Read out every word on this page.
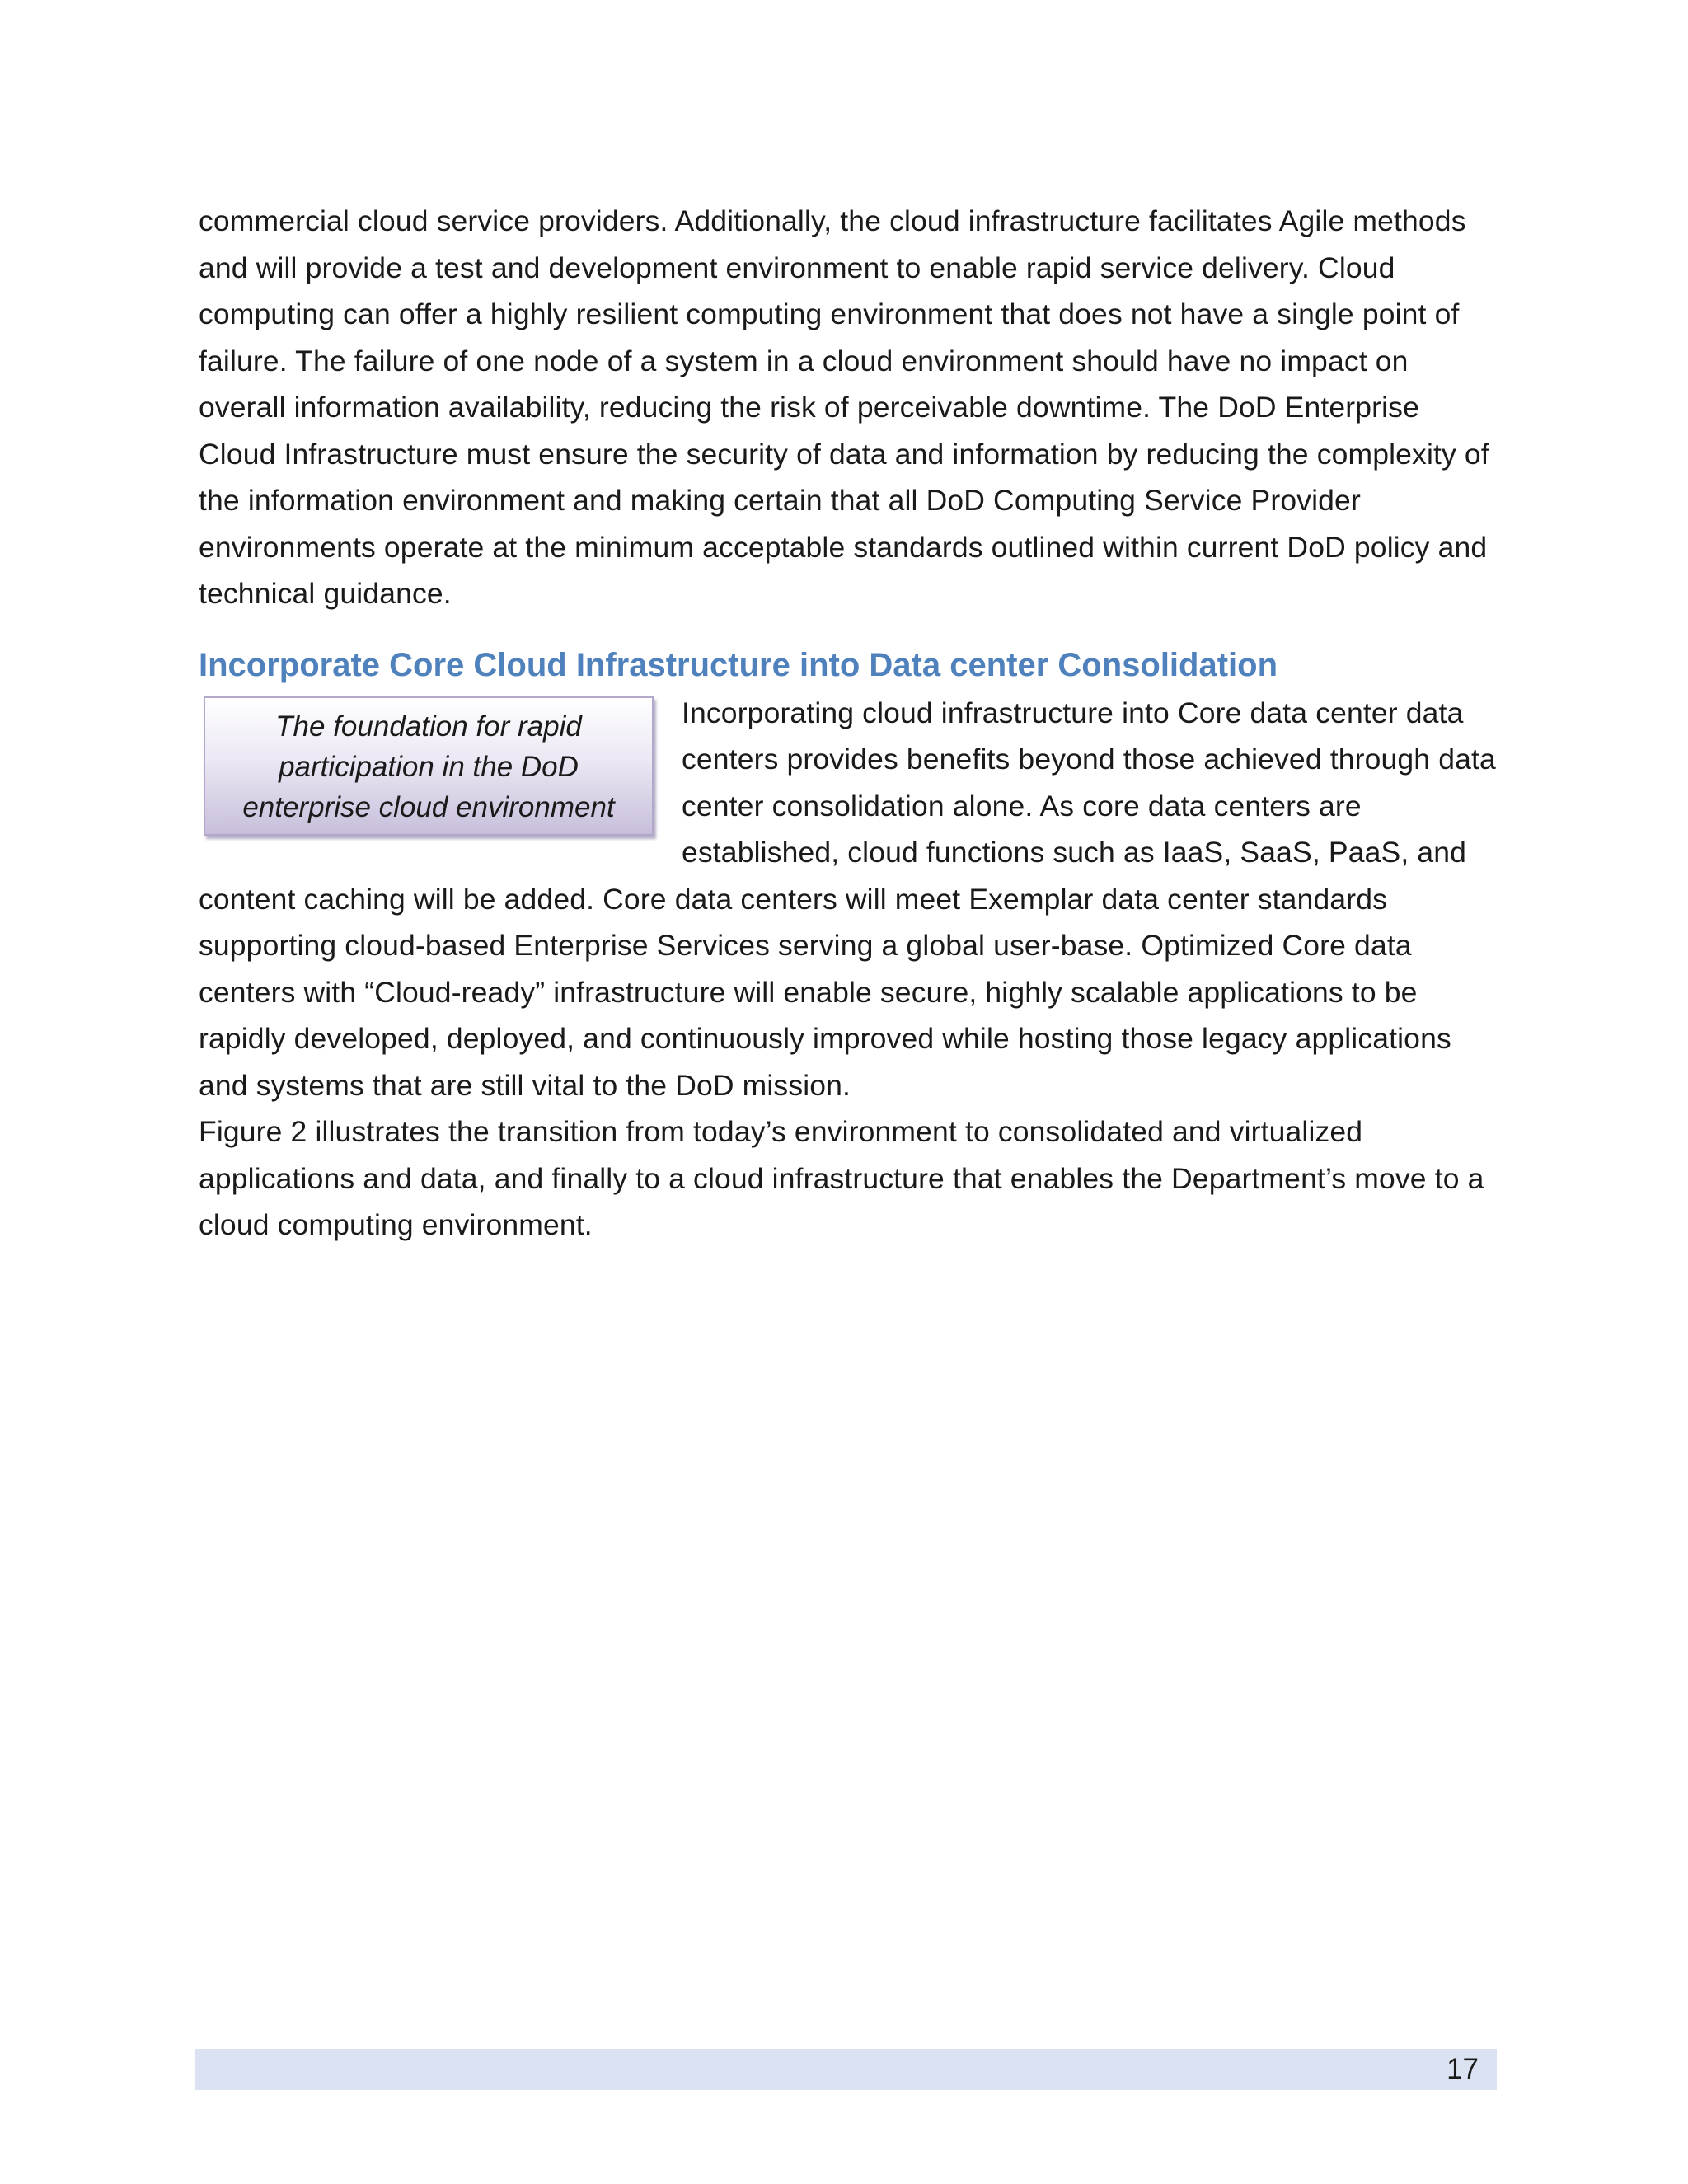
commercial cloud service providers. Additionally, the cloud infrastructure facilitates Agile methods and will provide a test and development environment to enable rapid service delivery. Cloud computing can offer a highly resilient computing environment that does not have a single point of failure. The failure of one node of a system in a cloud environment should have no impact on overall information availability, reducing the risk of perceivable downtime. The DoD Enterprise Cloud Infrastructure must ensure the security of data and information by reducing the complexity of the information environment and making certain that all DoD Computing Service Provider environments operate at the minimum acceptable standards outlined within current DoD policy and technical guidance.

Incorporate Core Cloud Infrastructure into Data center Consolidation
The foundation for rapid participation in the DoD enterprise cloud environment

Incorporating cloud infrastructure into Core data center data centers provides benefits beyond those achieved through data center consolidation alone. As core data centers are established, cloud functions such as IaaS, SaaS, PaaS, and content caching will be added. Core data centers will meet Exemplar data center standards supporting cloud-based Enterprise Services serving a global user-base. Optimized Core data centers with “Cloud-ready” infrastructure will enable secure, highly scalable applications to be rapidly developed, deployed, and continuously improved while hosting those legacy applications and systems that are still vital to the DoD mission.

Figure 2 illustrates the transition from today’s environment to consolidated and virtualized applications and data, and finally to a cloud infrastructure that enables the Department’s move to a cloud computing environment.

17
